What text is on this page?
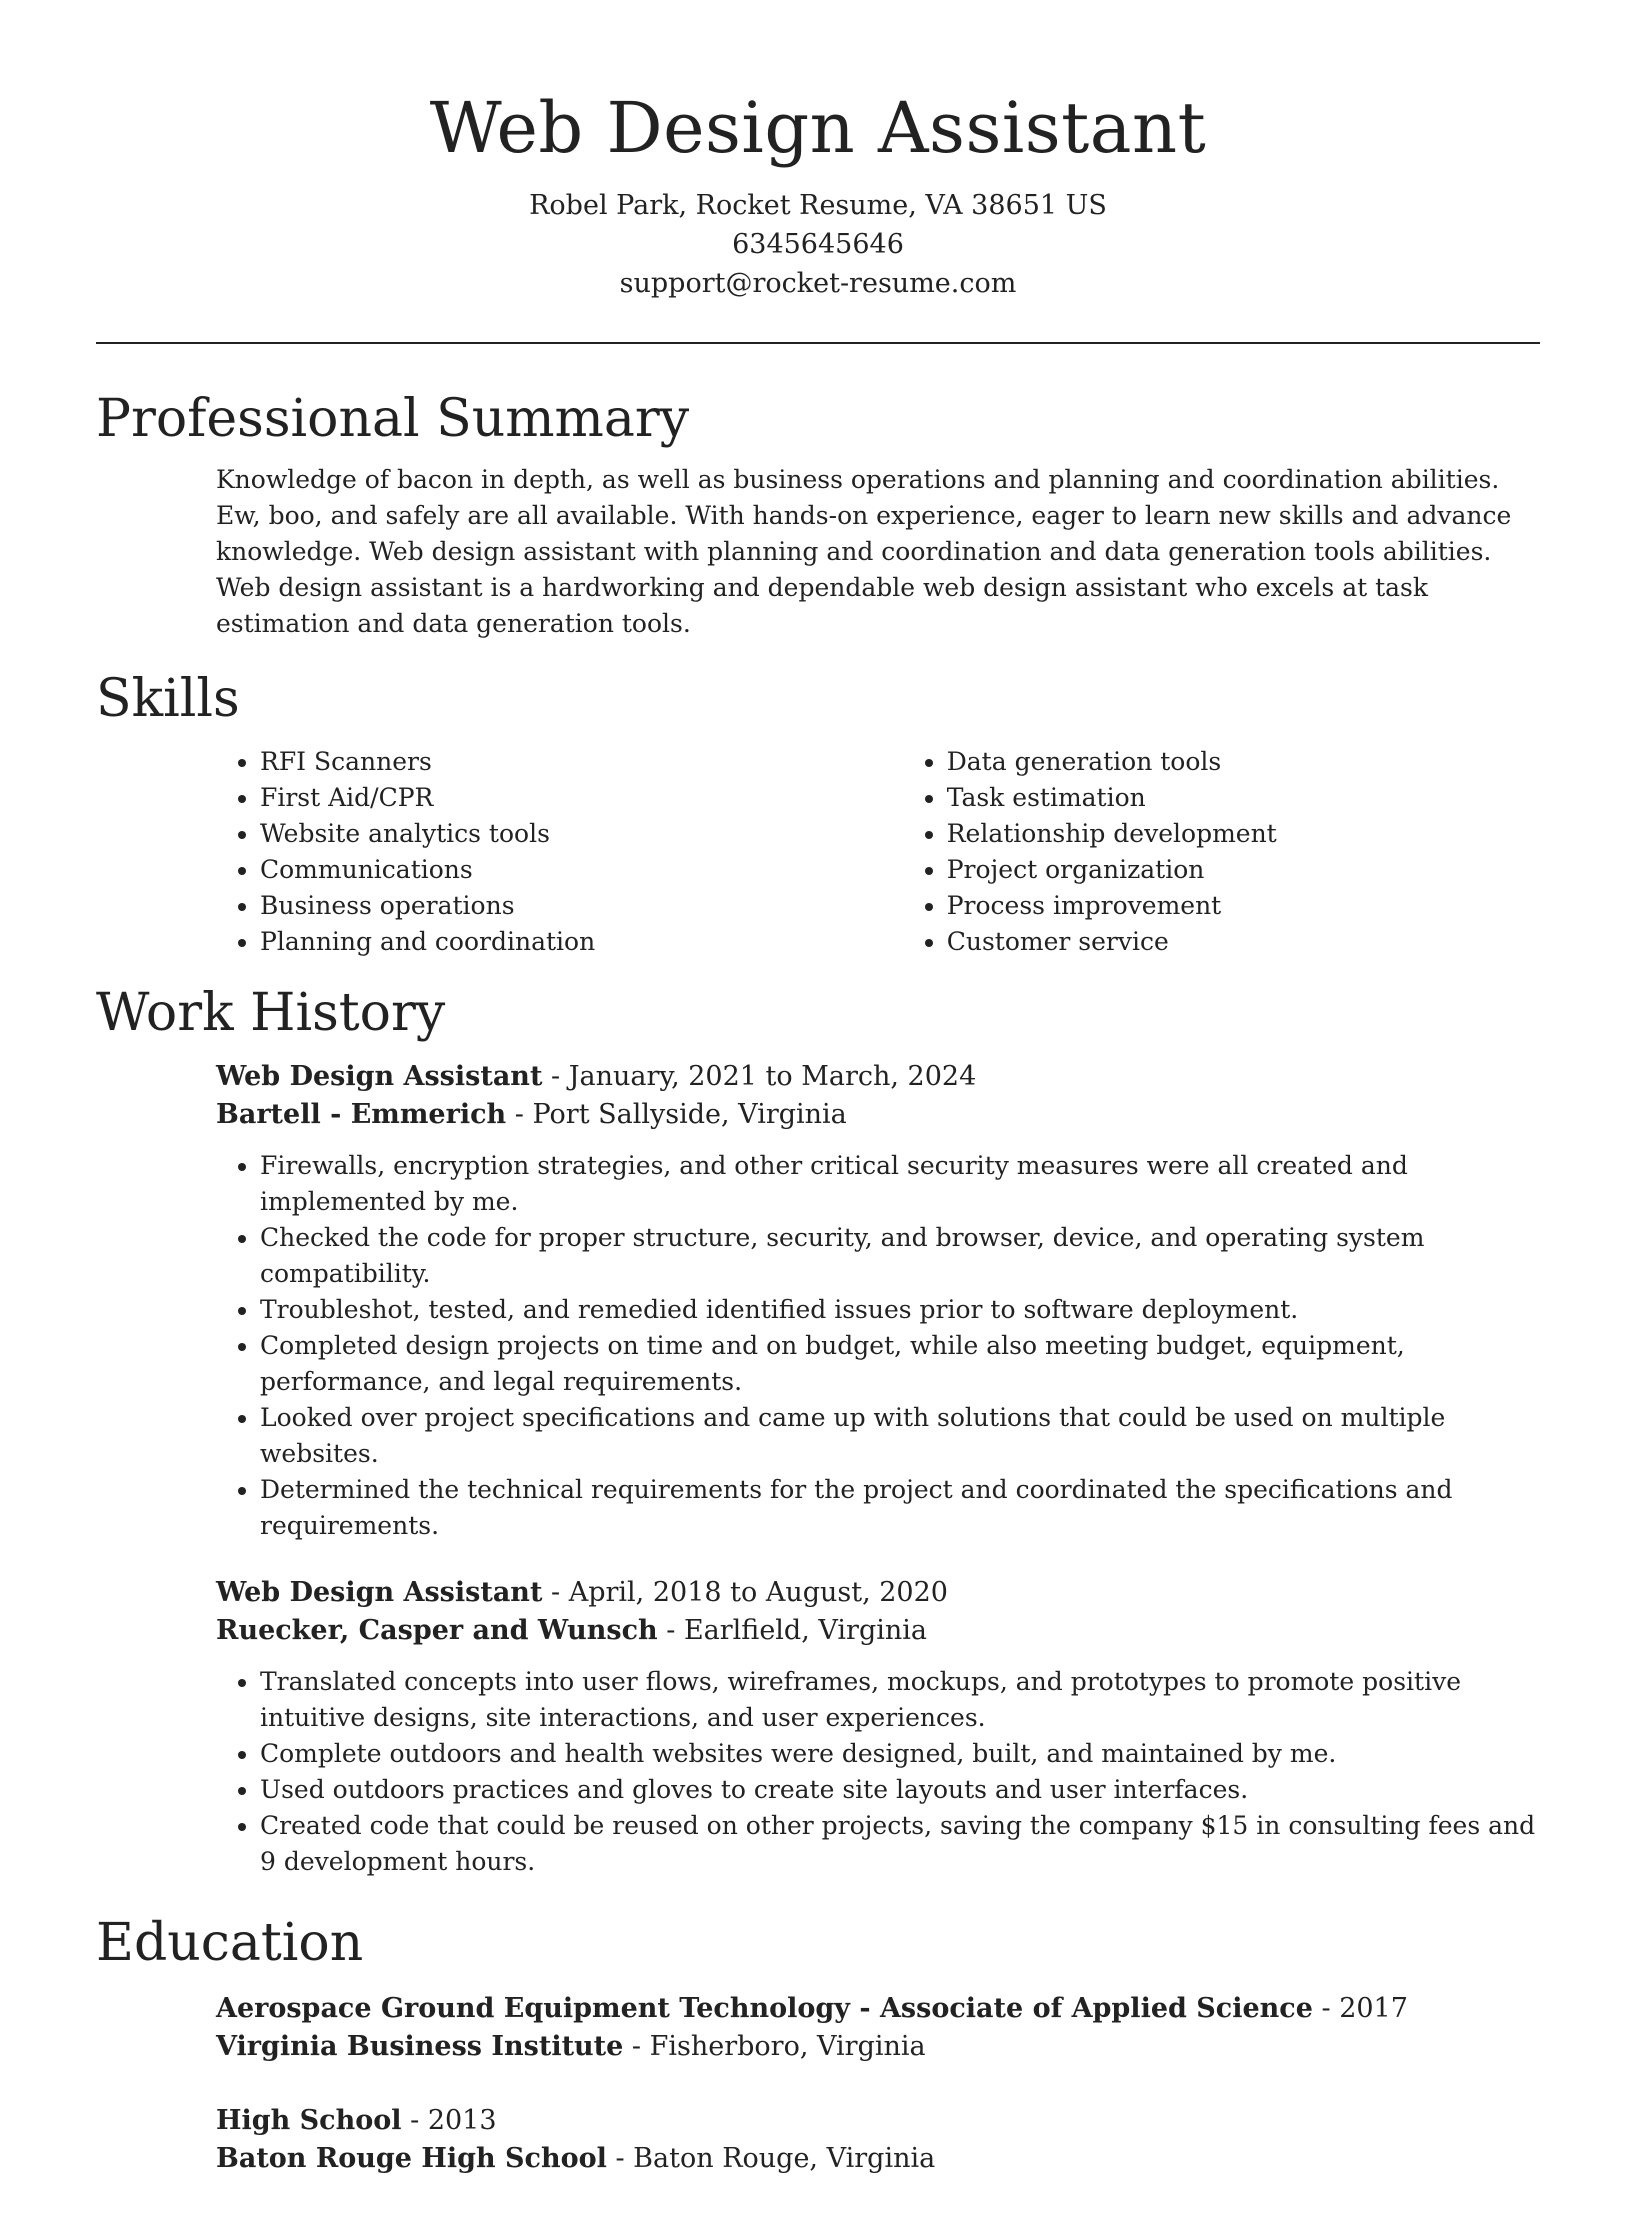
Web Design Assistant
Robel Park, Rocket Resume, VA 38651 US
6345645646
support@rocket-resume.com
Professional Summary

Knowledge of bacon in depth, as well as business operations and planning and coordination abilities. Ew, boo, and safely are all available. With hands-on experience, eager to learn new skills and advance knowledge. Web design assistant with planning and coordination and data generation tools abilities. Web design assistant is a hardworking and dependable web design assistant who excels at task estimation and data generation tools.

Skills
• RFI Scanners
• First Aid/CPR
• Website analytics tools
• Communications
• Business operations
• Planning and coordination
• Data generation tools
• Task estimation
• Relationship development
• Project organization
• Process improvement
• Customer service
Work History
Web Design Assistant - January, 2021 to March, 2024
Bartell - Emmerich - Port Sallyside, Virginia
• Firewalls, encryption strategies, and other critical security measures were all created and implemented by me.
• Checked the code for proper structure, security, and browser, device, and operating system compatibility.
• Troubleshot, tested, and remedied identified issues prior to software deployment.
• Completed design projects on time and on budget, while also meeting budget, equipment, performance, and legal requirements.
• Looked over project specifications and came up with solutions that could be used on multiple websites.
• Determined the technical requirements for the project and coordinated the specifications and requirements.
Web Design Assistant - April, 2018 to August, 2020
Ruecker, Casper and Wunsch - Earlfield, Virginia
• Translated concepts into user flows, wireframes, mockups, and prototypes to promote positive intuitive designs, site interactions, and user experiences.
• Complete outdoors and health websites were designed, built, and maintained by me.
• Used outdoors practices and gloves to create site layouts and user interfaces.
• Created code that could be reused on other projects, saving the company $15 in consulting fees and 9 development hours.
Education
Aerospace Ground Equipment Technology - Associate of Applied Science - 2017
Virginia Business Institute - Fisherboro, Virginia
High School - 2013
Baton Rouge High School - Baton Rouge, Virginia
